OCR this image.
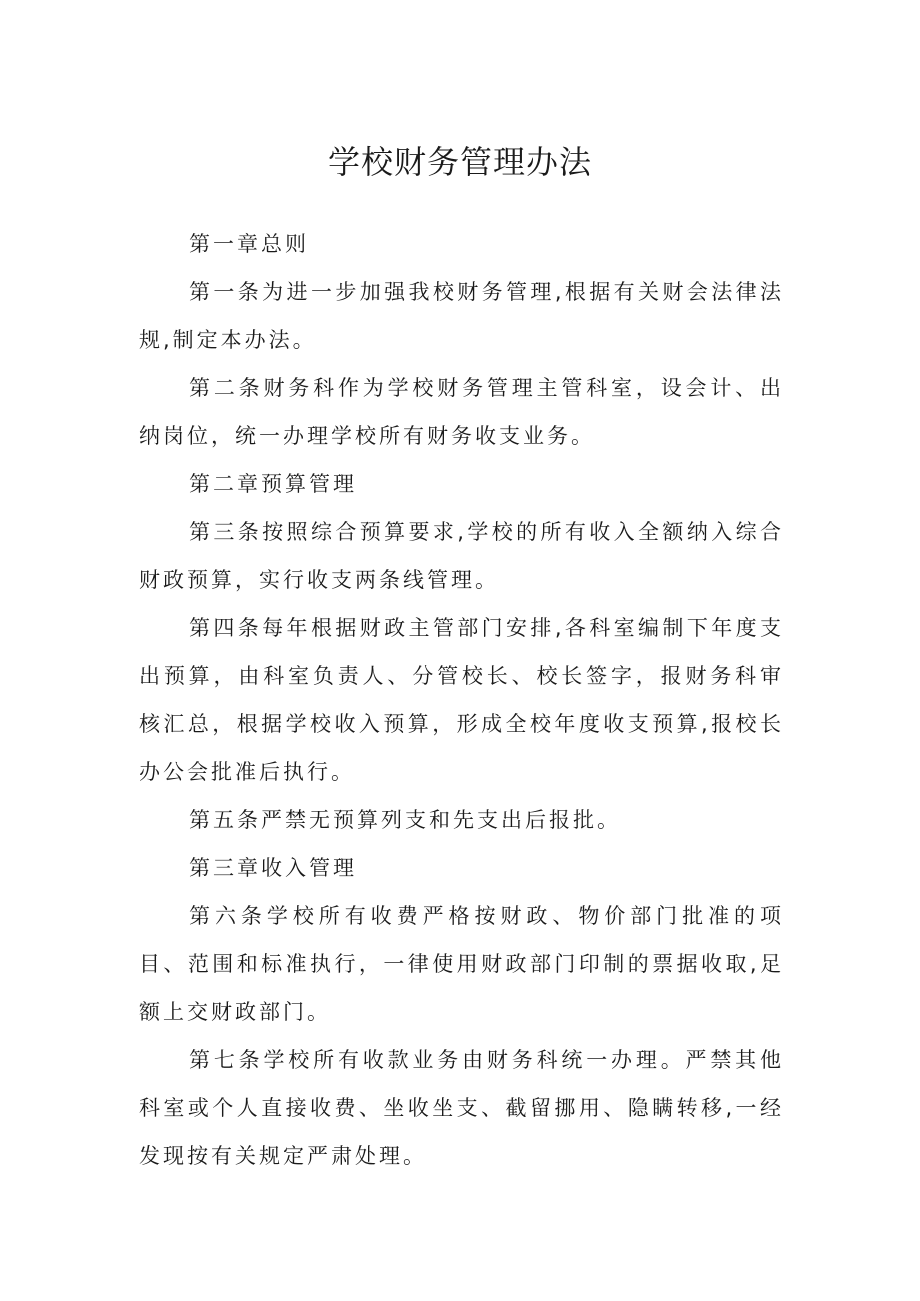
学校财务管理办法

第一章总则

第一条为进一步加强我校财务管理,根据有关财会法律法规,制定本办法。

第二条财务科作为学校财务管理主管科室，设会计、出纳岗位，统一办理学校所有财务收支业务。

第二章预算管理

第三条按照综合预算要求,学校的所有收入全额纳入综合财政预算，实行收支两条线管理。

第四条每年根据财政主管部门安排,各科室编制下年度支出预算，由科室负责人、分管校长、校长签字，报财务科审核汇总，根据学校收入预算，形成全校年度收支预算,报校长办公会批准后执行。

第五条严禁无预算列支和先支出后报批。

第三章收入管理

第六条学校所有收费严格按财政、物价部门批准的项目、范围和标准执行，一律使用财政部门印制的票据收取,足额上交财政部门。

第七条学校所有收款业务由财务科统一办理。严禁其他科室或个人直接收费、坐收坐支、截留挪用、隐瞒转移,一经发现按有关规定严肃处理。
